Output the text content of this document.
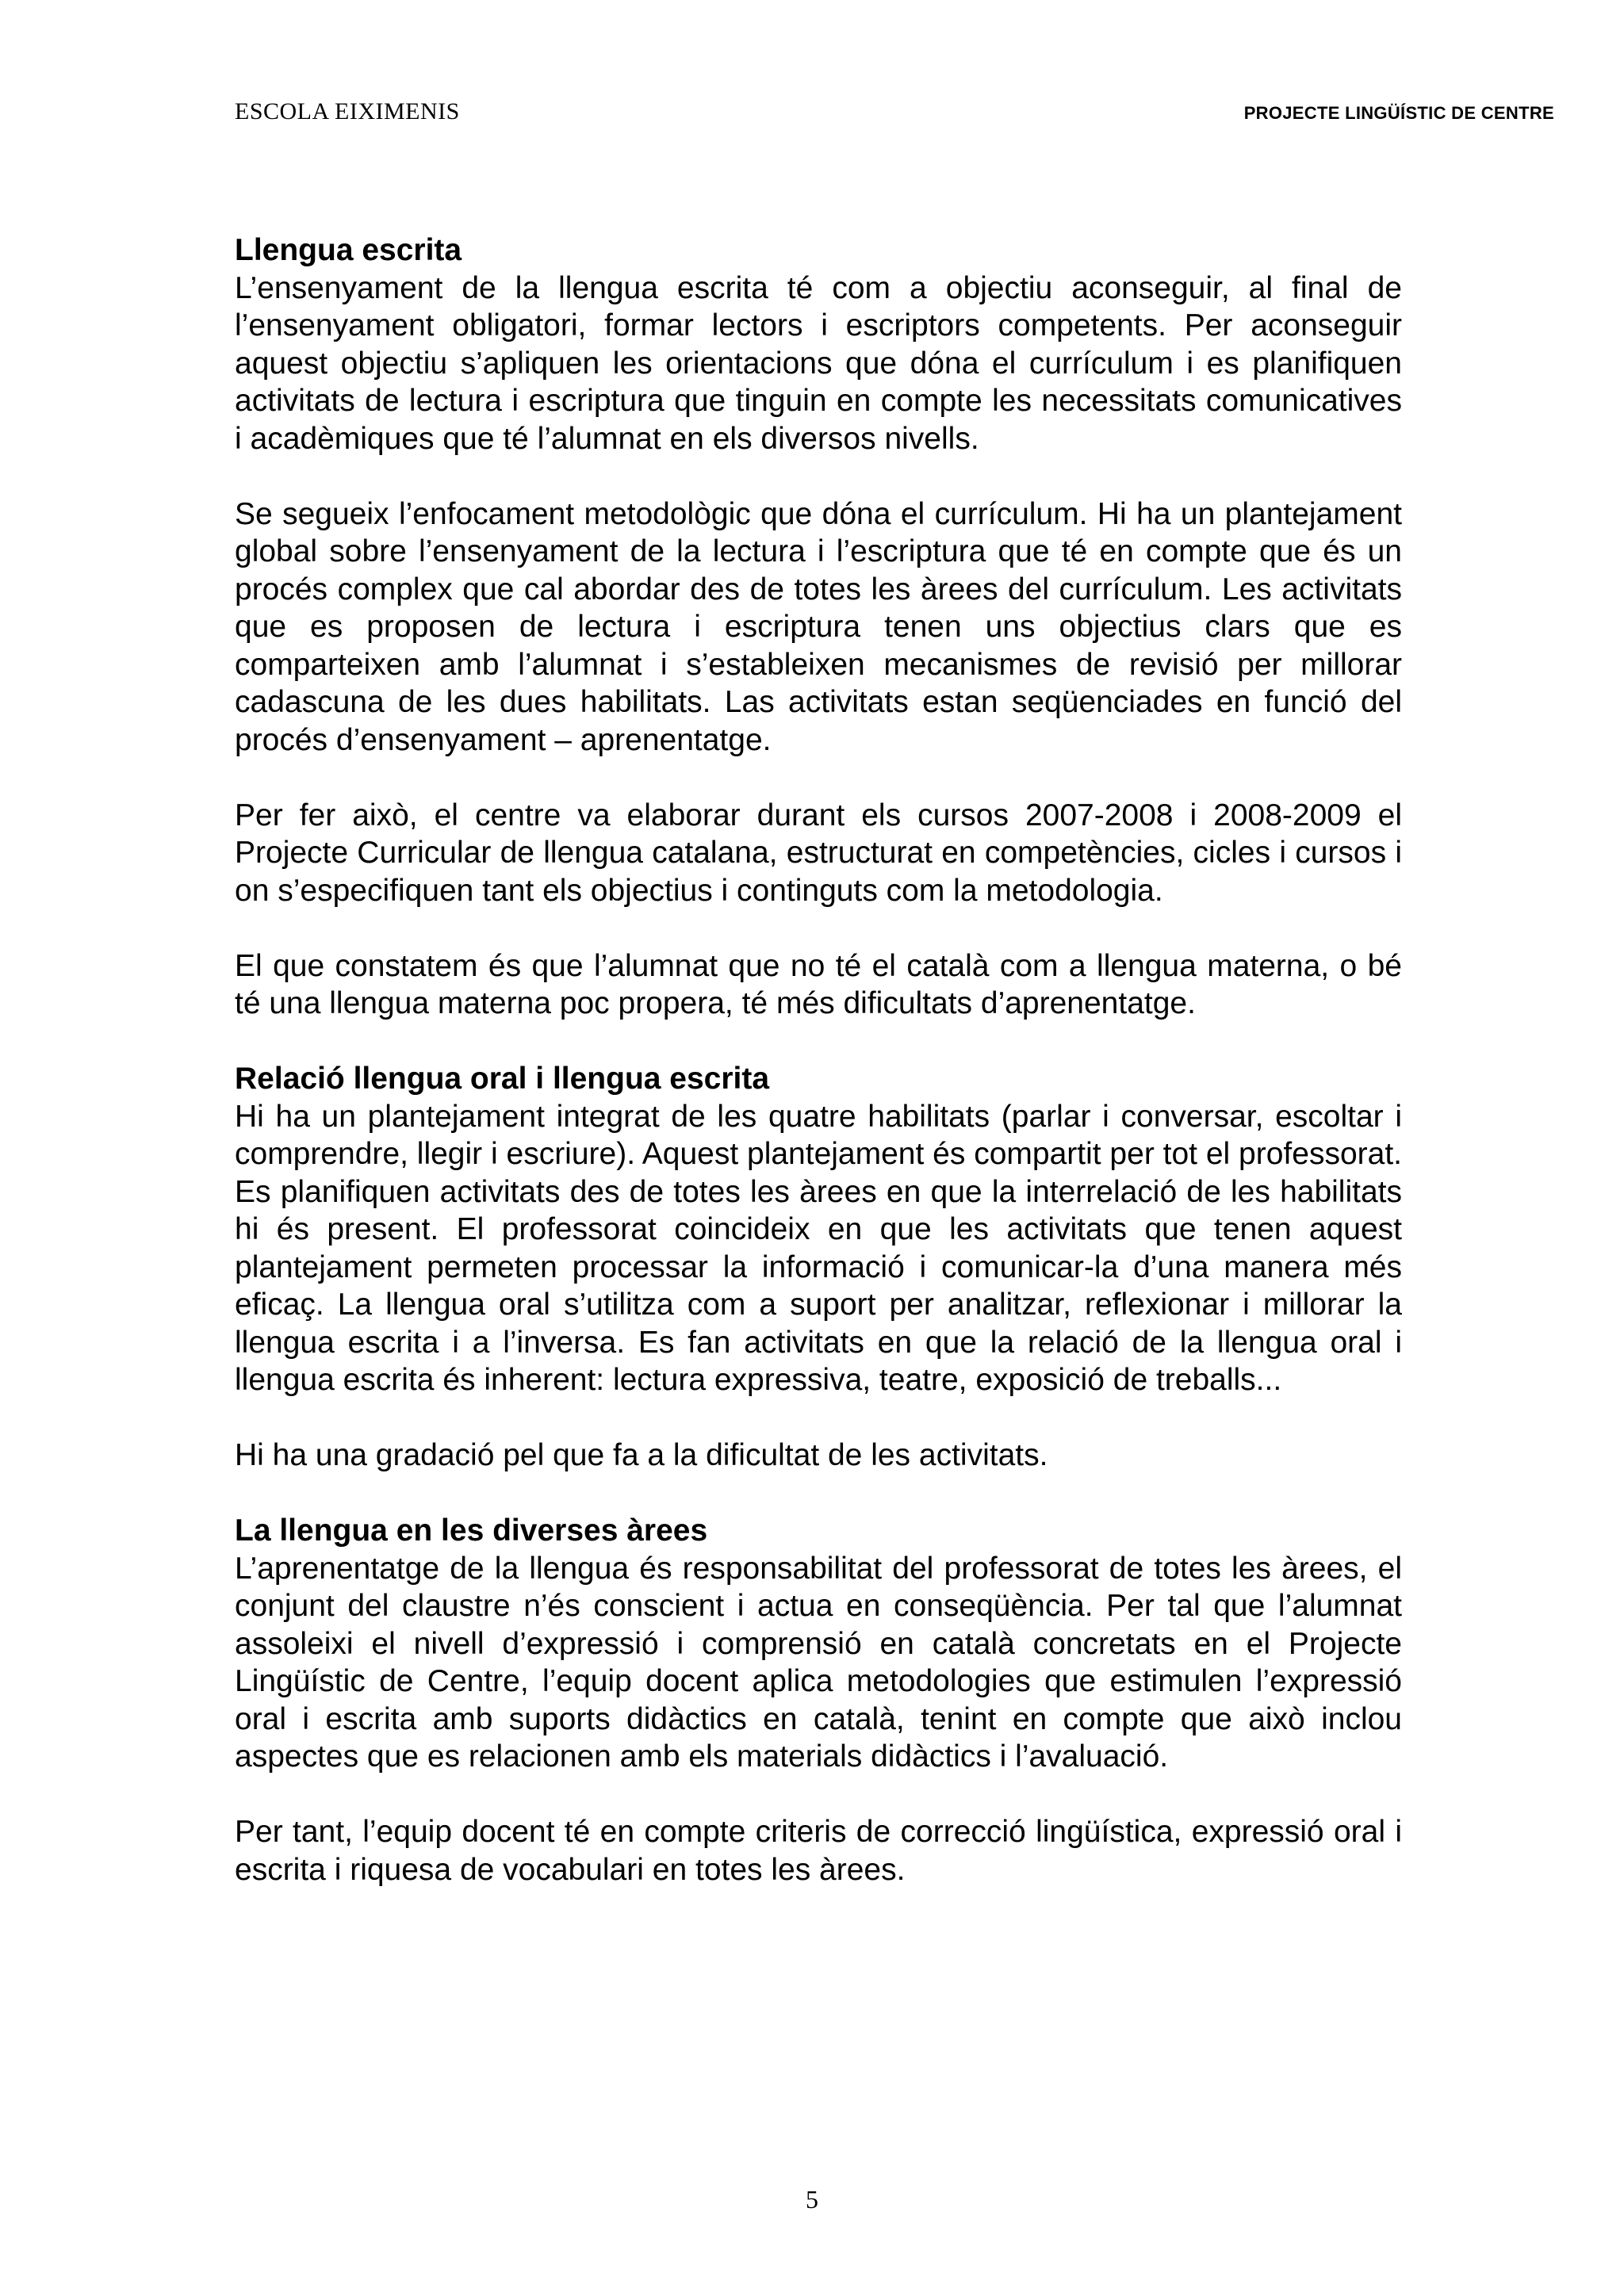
ESCOLA EIXIMENIS	PROJECTE LINGÜÍSTIC DE CENTRE
Llengua escrita

L’ensenyament de la llengua escrita té com a objectiu aconseguir, al final de l’ensenyament obligatori, formar lectors i escriptors competents. Per aconseguir aquest objectiu s’apliquen les orientacions que dóna el currículum i es planifiquen activitats de lectura i escriptura que tinguin en compte les necessitats comunicatives i acadèmiques que té l’alumnat en els diversos nivells.

Se segueix l’enfocament metodològic que dóna el currículum. Hi ha un plantejament global sobre l’ensenyament de la lectura i l’escriptura que té en compte que és un procés complex que cal abordar des de totes les àrees del currículum. Les activitats que es proposen de lectura i escriptura tenen uns objectius clars que es comparteixen amb l’alumnat i s’estableixen mecanismes de revisió per millorar cadascuna de les dues habilitats. Las activitats estan seqüenciades en funció del procés d’ensenyament – aprenentatge.

Per fer això, el centre va elaborar durant els cursos 2007-2008 i 2008-2009 el Projecte Curricular de llengua catalana, estructurat en competències, cicles i cursos i on s’especifiquen tant els objectius i continguts com la metodologia.

El que constatem és que l’alumnat que no té el català com a llengua materna, o bé té una llengua materna poc propera, té més dificultats d’aprenentatge.

Relació llengua oral i llengua escrita

Hi ha un plantejament integrat de les quatre habilitats (parlar i conversar, escoltar i comprendre, llegir i escriure). Aquest plantejament és compartit per tot el professorat. Es planifiquen activitats des de totes les àrees en que la interrelació de les habilitats hi és present. El professorat coincideix en que les activitats que tenen aquest plantejament permeten processar la informació i comunicar-la d’una manera més eficaç. La llengua oral s’utilitza com a suport per analitzar, reflexionar i millorar la llengua escrita i a l’inversa. Es fan activitats en que la relació de la llengua oral i llengua escrita és inherent: lectura expressiva, teatre, exposició de treballs...

Hi ha una gradació pel que fa a la dificultat de les activitats.

La llengua en les diverses àrees

L’aprenentatge de la llengua és responsabilitat del professorat de totes les àrees, el conjunt del claustre n’és conscient i actua en conseqüència. Per tal que l’alumnat assoleixi el nivell d’expressió i comprensió en català concretats en el Projecte Lingüístic de Centre, l’equip docent aplica metodologies que estimulen l’expressió oral i escrita amb suports didàctics en català, tenint en compte que això inclou aspectes que es relacionen amb els materials didàctics i l’avaluació.

Per tant, l’equip docent té en compte criteris de correcció lingüística, expressió oral i escrita i riquesa de vocabulari en totes les àrees.

5
